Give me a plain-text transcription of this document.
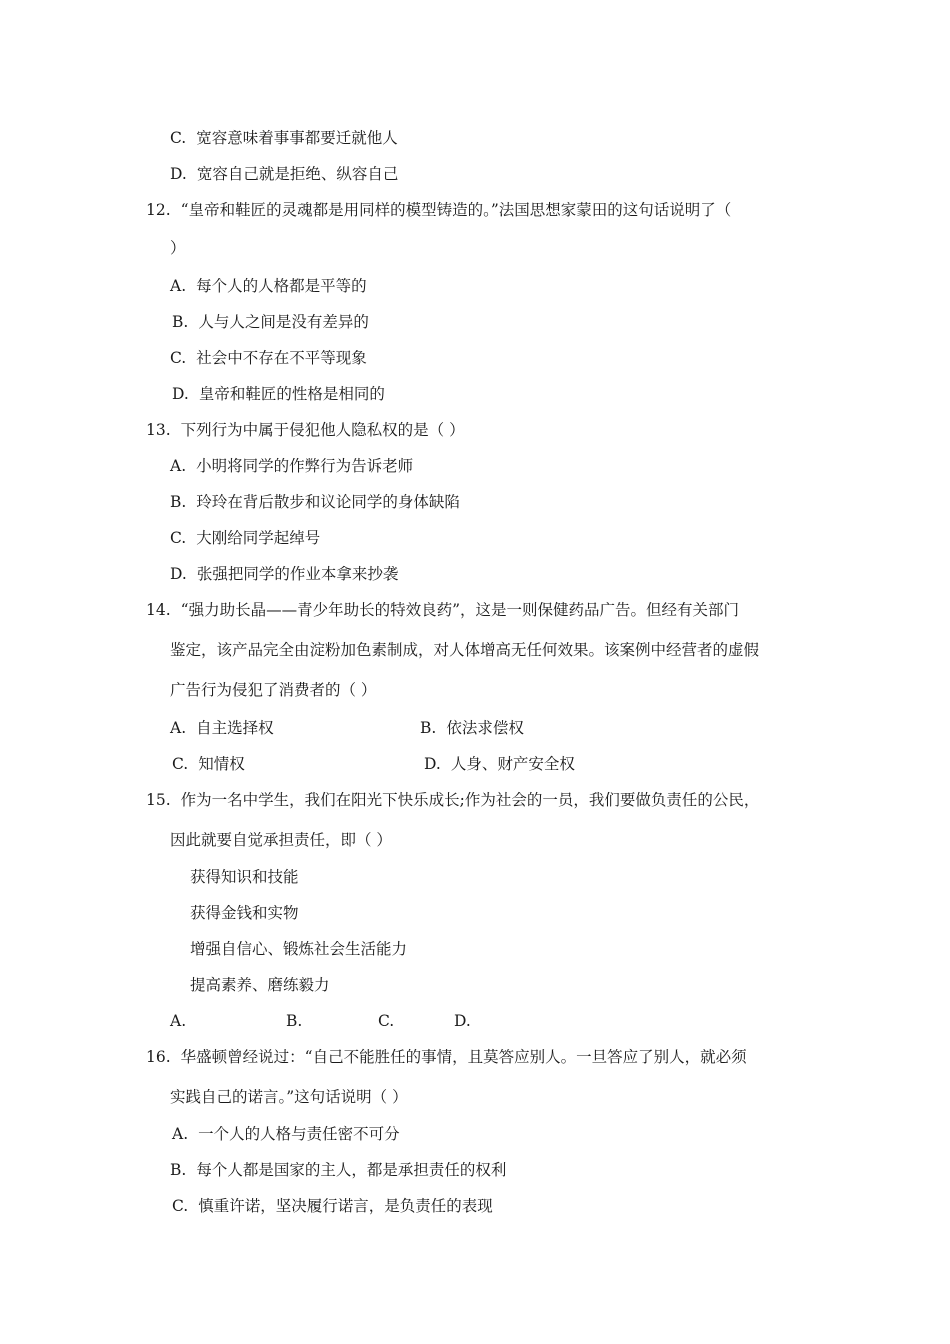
C. 宽容意味着事事都要迁就他人
D. 宽容自己就是拒绝、纵容自己
12. “皇帝和鞋匠的灵魂都是用同样的模型铸造的。”法国思想家蒙田的这句话说明了（
）
A. 每个人的人格都是平等的
B. 人与人之间是没有差异的
C. 社会中不存在不平等现象
D. 皇帝和鞋匠的性格是相同的
13. 下列行为中属于侵犯他人隐私权的是（ ）
A. 小明将同学的作弊行为告诉老师
B. 玲玲在背后散步和议论同学的身体缺陷
C. 大刚给同学起绰号
D. 张强把同学的作业本拿来抄袭
14. “强力助长晶——青少年助长的特效良药”，这是一则保健药品广告。但经有关部门
鉴定，该产品完全由淀粉加色素制成，对人体增高无任何效果。该案例中经营者的虚假
广告行为侵犯了消费者的（ ）
A. 自主选择权	B. 依法求偿权
C. 知情权	D. 人身、财产安全权
15. 作为一名中学生，我们在阳光下快乐成长;作为社会的一员，我们要做负责任的公民，
因此就要自觉承担责任，即（ ）
获得知识和技能
获得金钱和实物
增强自信心、锻炼社会生活能力
提高素养、磨练毅力
A.	B.	C.	D.
16. 华盛顿曾经说过：“自己不能胜任的事情，且莫答应别人。一旦答应了别人，就必须
实践自己的诺言。”这句话说明（ ）
A. 一个人的人格与责任密不可分
B. 每个人都是国家的主人，都是承担责任的权利
C. 慎重许诺，坚决履行诺言，是负责任的表现
